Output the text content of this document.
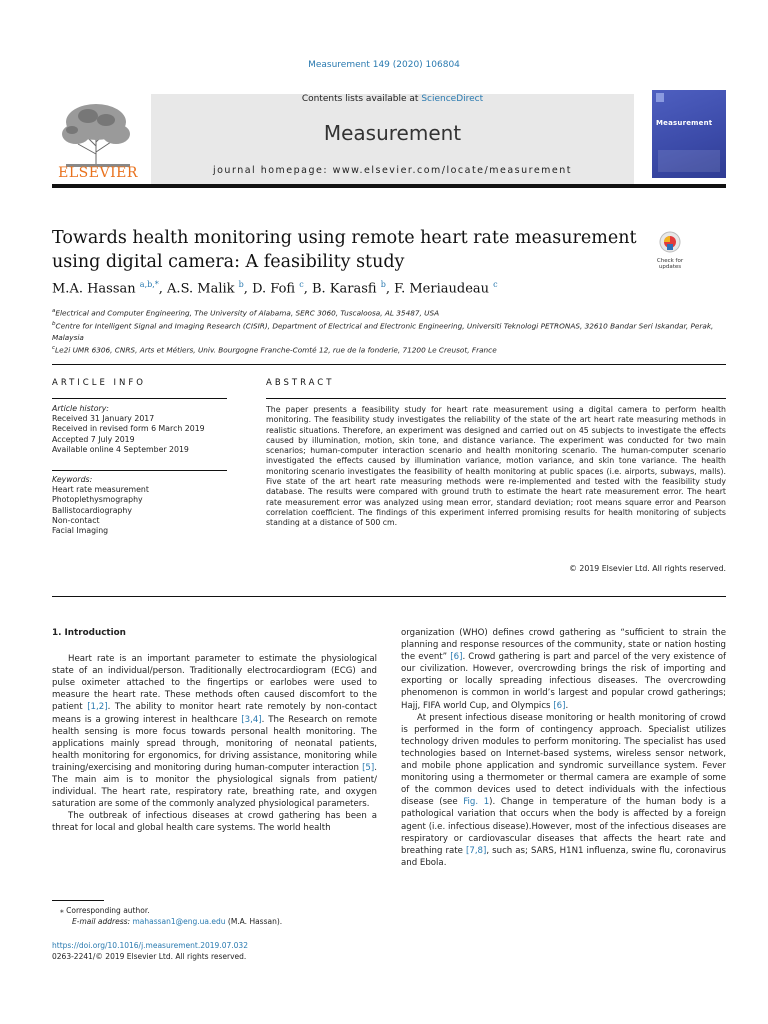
Measurement 149 (2020) 106804
ELSEVIER
Contents lists available at ScienceDirect
Measurement
journal homepage: www.elsevier.com/locate/measurement
Measurement
Towards health monitoring using remote heart rate measurement using digital camera: A feasibility study	Check for updates
M.A. Hassan $^{a,b,*}$, A.S. Malik $^b$, D. Fofi $^c$, B. Karasfi $^b$, F. Meriaudeau $^c$
$^a$Electrical and Computer Engineering, The University of Alabama, SERC 3060, Tuscaloosa, AL 35487, USA
$^b$Centre for Intelligent Signal and Imaging Research (CISIR), Department of Electrical and Electronic Engineering, Universiti Teknologi PETRONAS, 32610 Bandar Seri Iskandar, Perak, Malaysia
$^c$Le2i UMR 6306, CNRS, Arts et Métiers, Univ. Bourgogne Franche-Comté 12, rue de la fonderie, 71200 Le Creusot, France
ARTICLE INFO
Article history:
Received 31 January 2017
Received in revised form 6 March 2019
Accepted 7 July 2019
Available online 4 September 2019
Keywords:
Heart rate measurement
Photoplethysmography
Ballistocardiography
Non-contact
Facial Imaging
ABSTRACT
The paper presents a feasibility study for heart rate measurement using a digital camera to perform health monitoring. The feasibility study investigates the reliability of the state of the art heart rate measuring methods in realistic situations. Therefore, an experiment was designed and carried out on 45 subjects to investigate the effects caused by illumination, motion, skin tone, and distance variance. The experiment was conducted for two main scenarios; human-computer interaction scenario and health monitoring scenario. The human-computer scenario investigated the effects caused by illumination variance, motion variance, and skin tone variance. The health monitoring scenario investigates the feasibility of health monitoring at public spaces (i.e. airports, subways, malls). Five state of the art heart rate measuring methods were re-implemented and tested with the feasibility study database. The results were compared with ground truth to estimate the heart rate measurement error. The heart rate measurement error was analyzed using mean error, standard deviation; root means square error and Pearson correlation coefficient. The findings of this experiment inferred promising results for health monitoring of subjects standing at a distance of 500 cm.
© 2019 Elsevier Ltd. All rights reserved.

1. Introduction

Heart rate is an important parameter to estimate the physiological state of an individual/person. Traditionally electrocardiogram (ECG) and pulse oximeter attached to the fingertips or earlobes were used to measure the heart rate. These methods often caused discomfort to the patient [1,2]. The ability to monitor heart rate remotely by non-contact means is a growing interest in healthcare [3,4]. The Research on remote health sensing is more focus towards personal health monitoring. The applications mainly spread through, monitoring of neonatal patients, health monitoring for ergonomics, for driving assistance, monitoring while training/exercising and monitoring during human-computer interaction [5]. The main aim is to monitor the physiological signals from patient/ individual. The heart rate, respiratory rate, breathing rate, and oxygen saturation are some of the commonly analyzed physiological parameters.

The outbreak of infectious diseases at crowd gathering has been a threat for local and global health care systems. The world health

organization (WHO) defines crowd gathering as “sufficient to strain the planning and response resources of the community, state or nation hosting the event” [6]. Crowd gathering is part and parcel of the very existence of our civilization. However, overcrowding brings the risk of importing and exporting or locally spreading infectious diseases. The overcrowding phenomenon is common in world’s largest and popular crowd gatherings; Hajj, FIFA world Cup, and Olympics [6].

At present infectious disease monitoring or health monitoring of crowd is performed in the form of contingency approach. Specialist utilizes technology driven modules to perform monitoring. The specialist has used technologies based on Internet-based systems, wireless sensor network, and mobile phone application and syndromic surveillance system. Fever monitoring using a thermometer or thermal camera are example of some of the common devices used to detect individuals with the infectious disease (see Fig. 1). Change in temperature of the human body is a pathological variation that occurs when the body is affected by a foreign agent (i.e. infectious disease).However, most of the infectious diseases are respiratory or cardiovascular diseases that affects the heart rate and breathing rate [7,8], such as; SARS, H1N1 influenza, swine flu, coronavirus and Ebola.

⁎ Corresponding author.
E-mail address: mahassan1@eng.ua.edu (M.A. Hassan).
https://doi.org/10.1016/j.measurement.2019.07.032
0263-2241/© 2019 Elsevier Ltd. All rights reserved.
